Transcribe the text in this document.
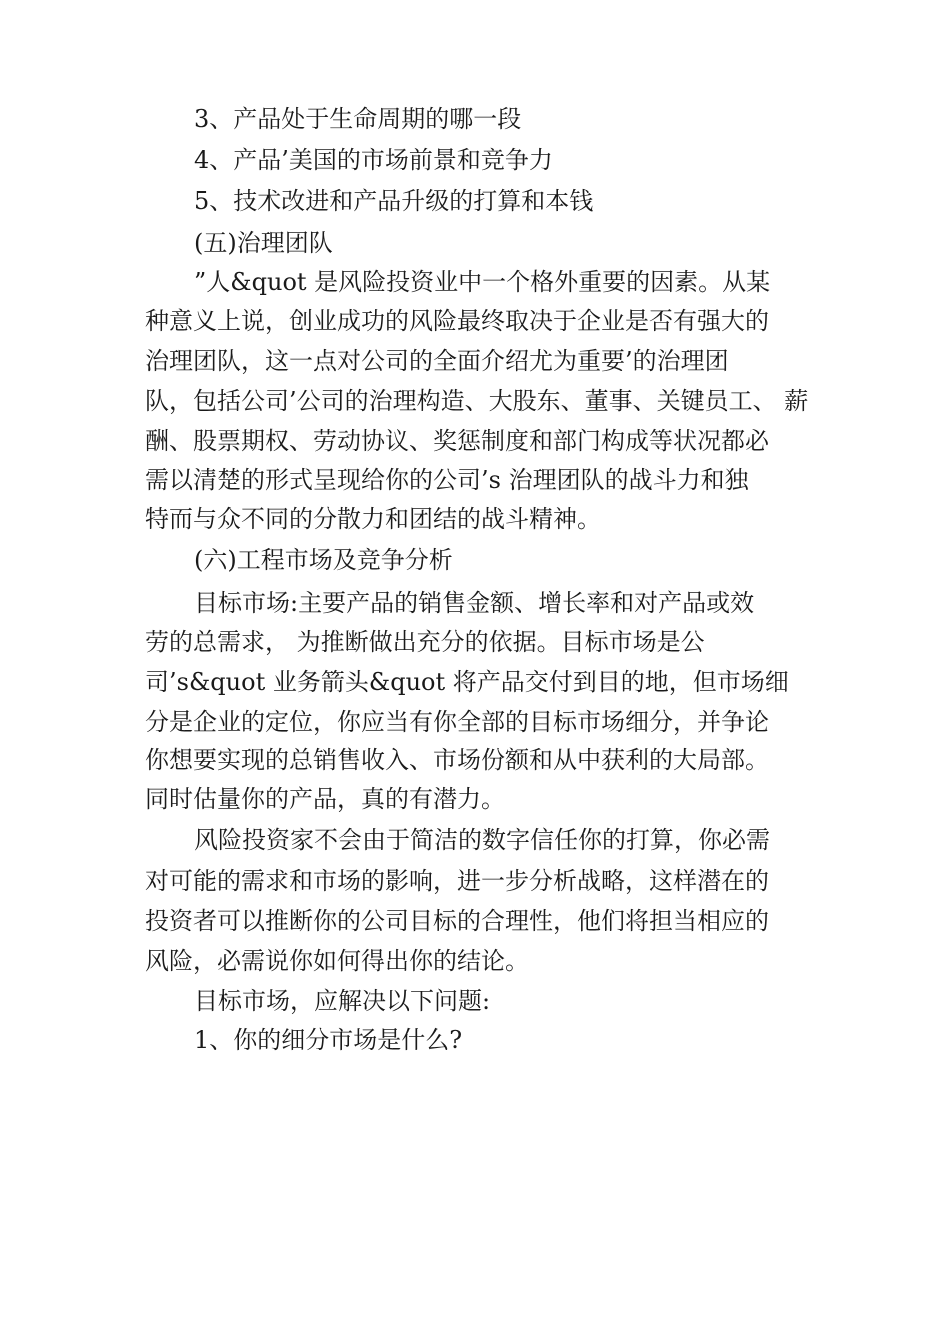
3、产品处于生命周期的哪一段
4、产品’美国的市场前景和竞争力
5、技术改进和产品升级的打算和本钱
(五)治理团队
”人&quot 是风险投资业中一个格外重要的因素。从某
种意义上说，创业成功的风险最终取决于企业是否有强大的
治理团队，这一点对公司的全面介绍尤为重要’的治理团
队，包括公司’公司的治理构造、大股东、董事、关键员工、 薪
酬、股票期权、劳动协议、奖惩制度和部门构成等状况都必
需以清楚的形式呈现给你的公司’s 治理团队的战斗力和独
特而与众不同的分散力和团结的战斗精神。
(六)工程市场及竞争分析
目标市场:主要产品的销售金额、增长率和对产品或效
劳的总需求， 为推断做出充分的依据。目标市场是公
司’s&quot 业务箭头&quot 将产品交付到目的地，但市场细
分是企业的定位，你应当有你全部的目标市场细分，并争论
你想要实现的总销售收入、市场份额和从中获利的大局部。
同时估量你的产品，真的有潜力。
风险投资家不会由于简洁的数字信任你的打算，你必需
对可能的需求和市场的影响，进一步分析战略，这样潜在的
投资者可以推断你的公司目标的合理性，他们将担当相应的
风险，必需说你如何得出你的结论。
目标市场，应解决以下问题:
1、你的细分市场是什么?
